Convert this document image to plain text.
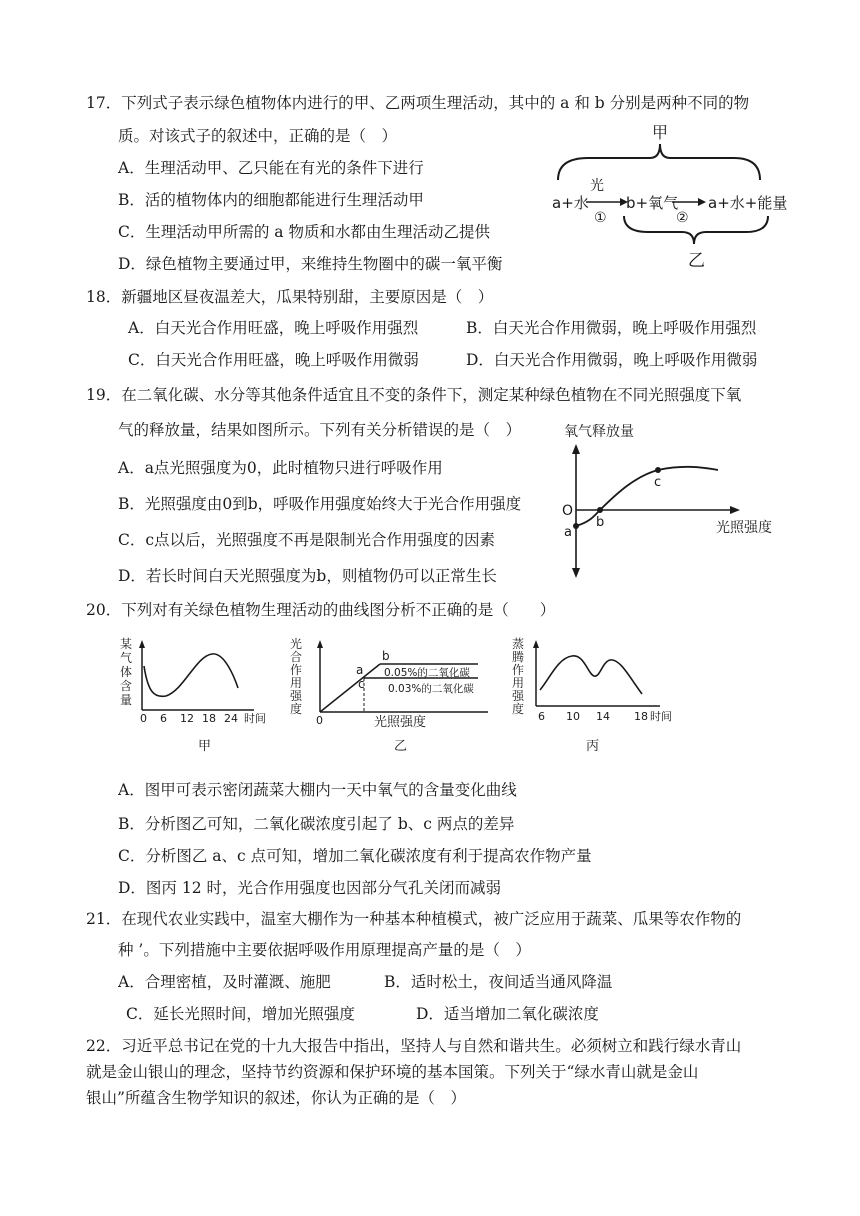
17．下列式子表示绿色植物体内进行的甲、乙两项生理活动，其中的 a 和 b 分别是两种不同的物
质。对该式子的叙述中，正确的是（　）
A．生理活动甲、乙只能在有光的条件下进行
B．活的植物体内的细胞都能进行生理活动甲
C．生理活动甲所需的 a 物质和水都由生理活动乙提供
D．绿色植物主要通过甲，来维持生物圈中的碳一氧平衡
甲
a+水
光
①
b+氧气
②
a+水+能量
乙
18．新疆地区昼夜温差大，瓜果特别甜，主要原因是（　）
A．白天光合作用旺盛，晚上呼吸作用强烈	B．白天光合作用微弱，晚上呼吸作用强烈
C．白天光合作用旺盛，晚上呼吸作用微弱	D．白天光合作用微弱，晚上呼吸作用微弱
19．在二氧化碳、水分等其他条件适宜且不变的条件下，测定某种绿色植物在不同光照强度下氧
气的释放量，结果如图所示。下列有关分析错误的是（　）
A．a点光照强度为0，此时植物只进行呼吸作用
B．光照强度由0到b，呼吸作用强度始终大于光合作用强度
C．c点以后，光照强度不再是限制光合作用强度的因素
D．若长时间白天光照强度为b，则植物仍可以正常生长
氧气释放量
O
光照强度
a
b
c
20．下列对有关绿色植物生理活动的曲线图分析不正确的是（　　）
某
气
体
含
量
0 6 12 18 24 时间
甲
光
合
作
用
强
度
a
b
c
0.05%的二氧化碳
0.03%的二氧化碳
0	光照强度
乙
蒸
腾
作
用
强
度
6 10 14 18 时间
丙
A．图甲可表示密闭蔬菜大棚内一天中氧气的含量变化曲线
B．分析图乙可知，二氧化碳浓度引起了 b、c 两点的差异
C．分析图乙 a、c 点可知，增加二氧化碳浓度有利于提高农作物产量
D．图丙 12 时，光合作用强度也因部分气孔关闭而减弱
21．在现代农业实践中，温室大棚作为一种基本种植模式，被广泛应用于蔬菜、瓜果等农作物的
种 ’。下列措施中主要依据呼吸作用原理提高产量的是（　）
A．合理密植，及时灌溉、施肥	B．适时松土，夜间适当通风降温
C．延长光照时间，增加光照强度	D．适当增加二氧化碳浓度
22．习近平总书记在党的十九大报告中指出，坚持人与自然和谐共生。必须树立和践行绿水青山
就是金山银山的理念，坚持节约资源和保护环境的基本国策。下列关于“绿水青山就是金山
银山”所蕴含生物学知识的叙述，你认为正确的是（　）
